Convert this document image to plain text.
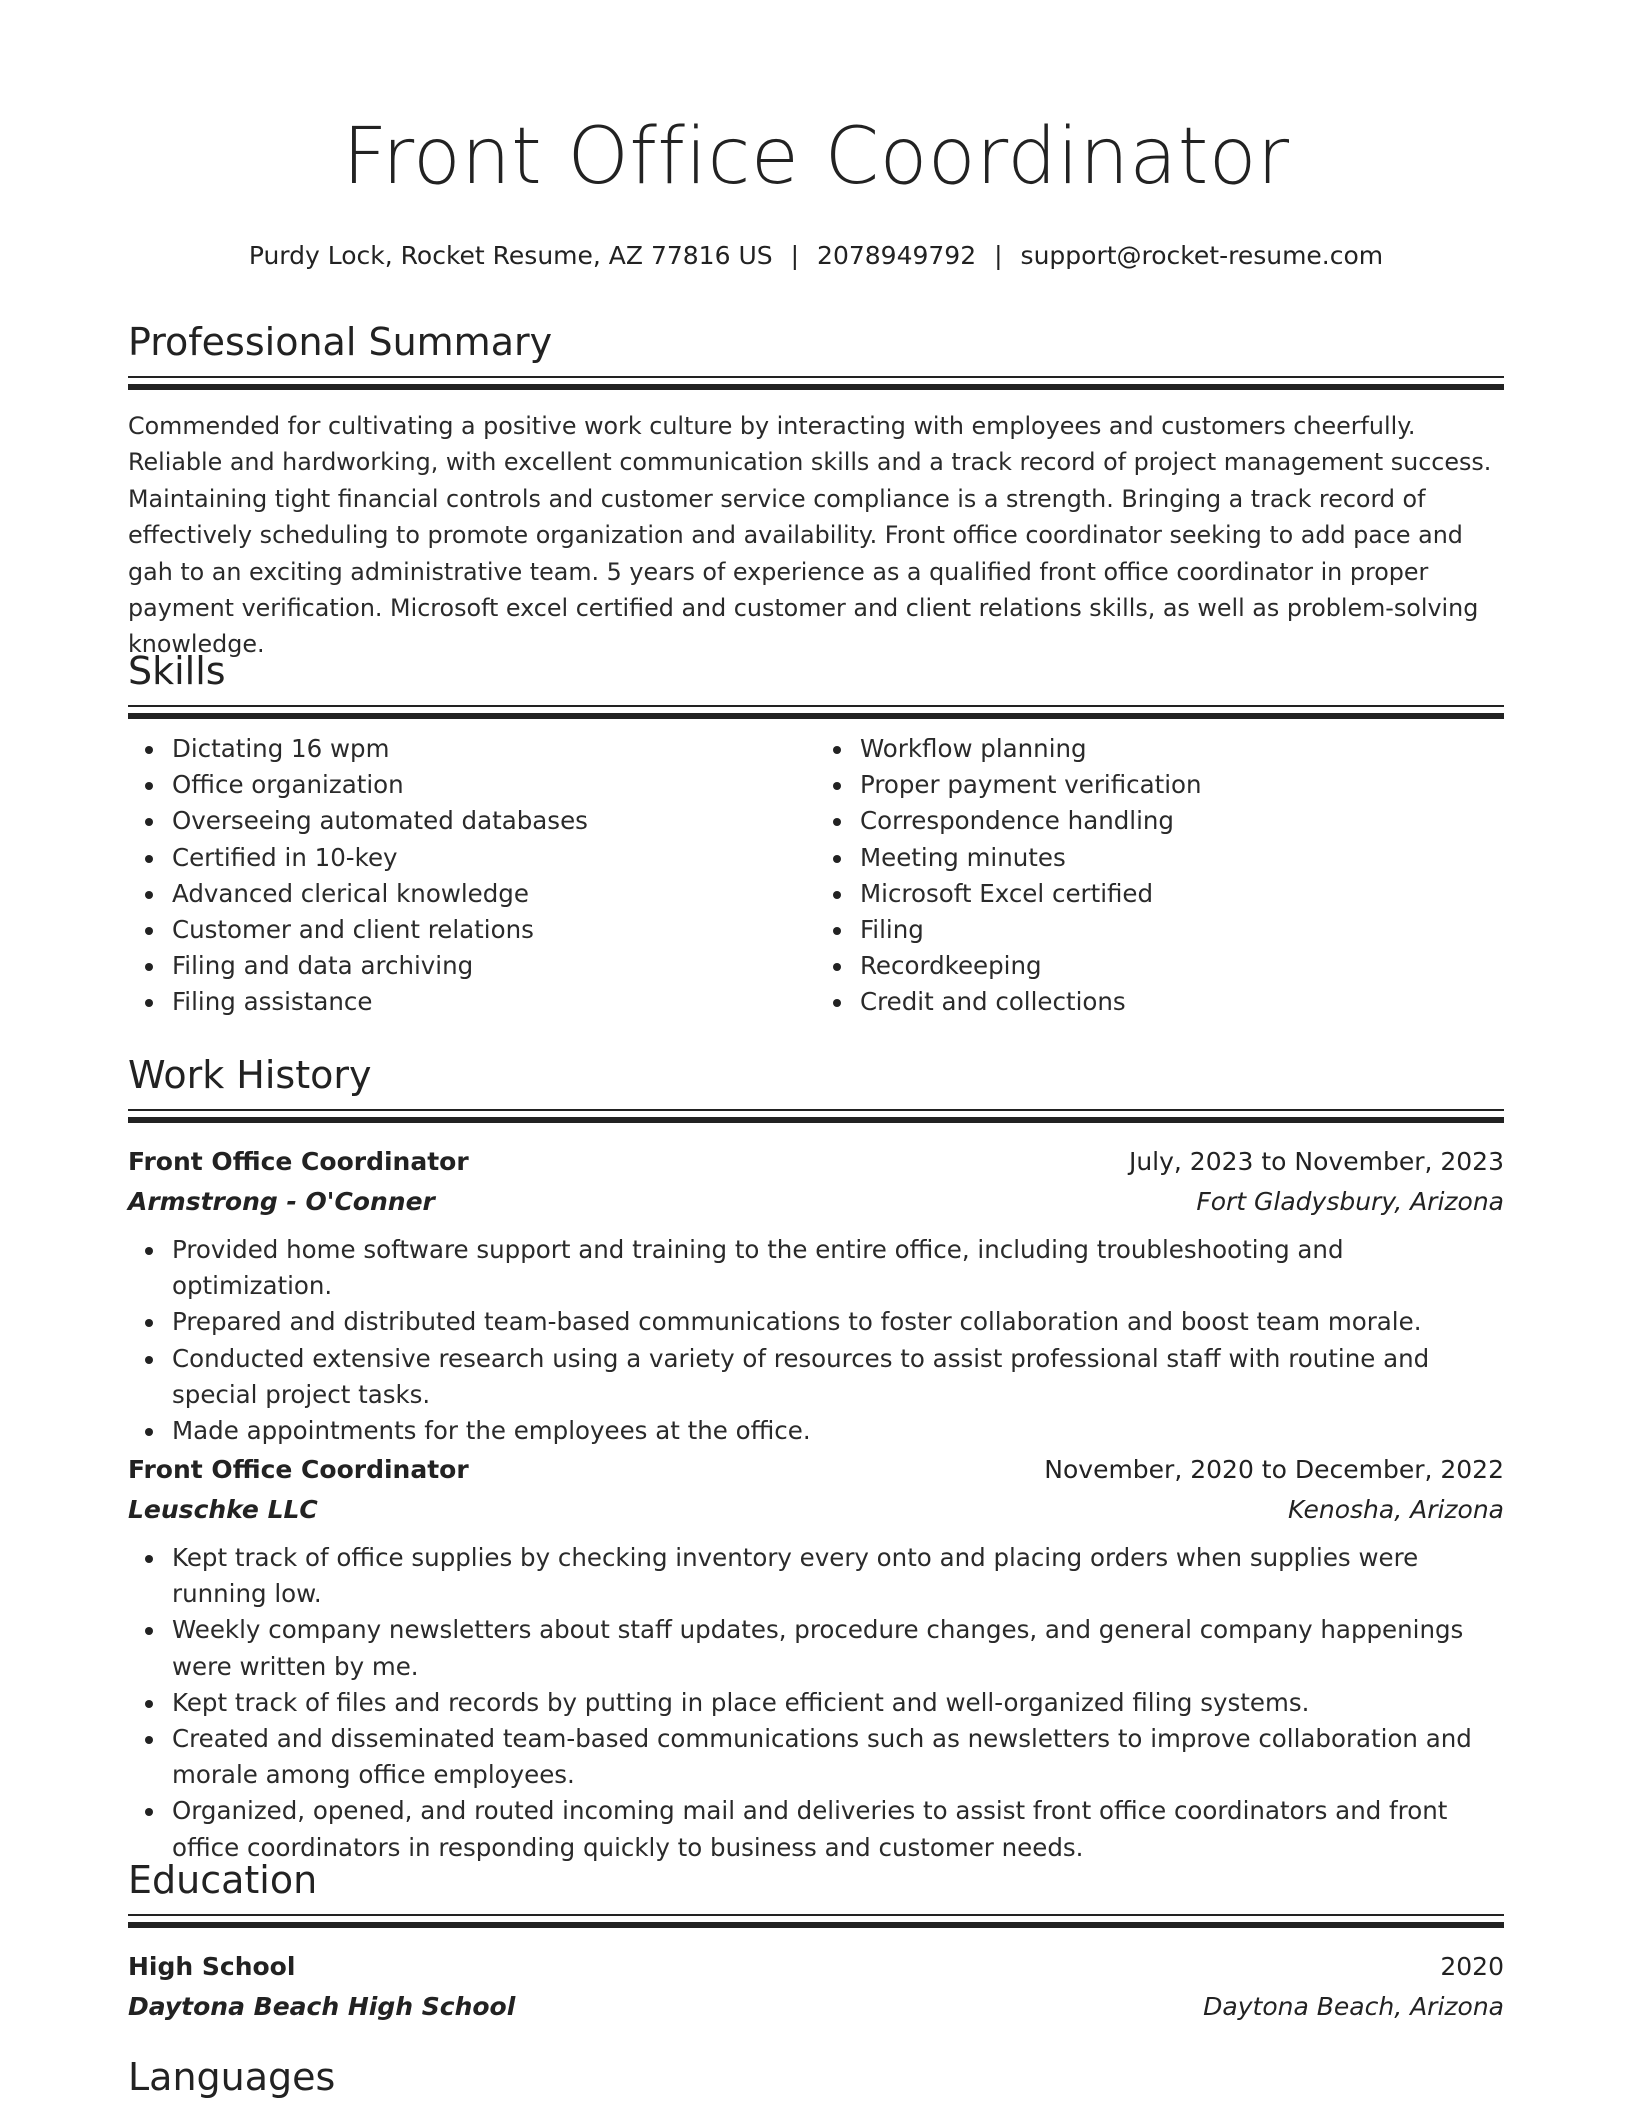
Front Office Coordinator
Purdy Lock, Rocket Resume, AZ 77816 US | 2078949792 | support@rocket-resume.com
Professional Summary

Commended for cultivating a positive work culture by interacting with employees and customers cheerfully. Reliable and hardworking, with excellent communication skills and a track record of project management success. Maintaining tight financial controls and customer service compliance is a strength. Bringing a track record of effectively scheduling to promote organization and availability. Front office coordinator seeking to add pace and gah to an exciting administrative team. 5 years of experience as a qualified front office coordinator in proper payment verification. Microsoft excel certified and customer and client relations skills, as well as problem-solving knowledge.

Skills
Dictating 16 wpm
Office organization
Overseeing automated databases
Certified in 10-key
Advanced clerical knowledge
Customer and client relations
Filing and data archiving
Filing assistance
Workflow planning
Proper payment verification
Correspondence handling
Meeting minutes
Microsoft Excel certified
Filing
Recordkeeping
Credit and collections
Work History
Front Office Coordinator	July, 2023 to November, 2023
Armstrong - O'Conner	Fort Gladysbury, Arizona
Provided home software support and training to the entire office, including troubleshooting and optimization.
Prepared and distributed team-based communications to foster collaboration and boost team morale.
Conducted extensive research using a variety of resources to assist professional staff with routine and special project tasks.
Made appointments for the employees at the office.
Front Office Coordinator	November, 2020 to December, 2022
Leuschke LLC	Kenosha, Arizona
Kept track of office supplies by checking inventory every onto and placing orders when supplies were running low.
Weekly company newsletters about staff updates, procedure changes, and general company happenings were written by me.
Kept track of files and records by putting in place efficient and well-organized filing systems.
Created and disseminated team-based communications such as newsletters to improve collaboration and morale among office employees.
Organized, opened, and routed incoming mail and deliveries to assist front office coordinators and front office coordinators in responding quickly to business and customer needs.
Education
High School	2020
Daytona Beach High School	Daytona Beach, Arizona
Languages
